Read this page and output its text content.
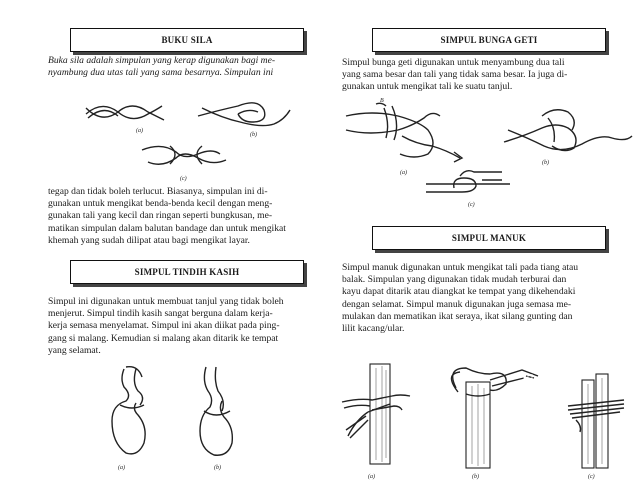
BUKU SILA

Buka sila adalah simpulan yang kerap digunakan bagi me-
nyambung dua utas tali yang sama besarnya. Simpulan ini

(a)
(b)
(c)

tegap dan tidak boleh terlucut. Biasanya, simpulan ini di-
gunakan untuk mengikat benda-benda kecil dengan meng-
gunakan tali yang kecil dan ringan seperti bungkusan, me-
matikan simpulan dalam balutan bandage dan untuk mengikat
khemah yang sudah dilipat atau bagi mengikat layar.

SIMPUL TINDIH KASIH

Simpul ini digunakan untuk membuat tanjul yang tidak boleh
menjerut. Simpul tindih kasih sangat berguna dalam kerja-
kerja semasa menyelamat. Simpul ini akan diikat pada ping-
gang si malang. Kemudian si malang akan ditarik ke tempat
yang selamat.

(a)	(b)
SIMPUL BUNGA GETI

Simpul bunga geti digunakan untuk menyambung dua tali
yang sama besar dan tali yang tidak sama besar. Ia juga di-
gunakan untuk mengikat tali ke suatu tanjul.

B
(a)
(b)
(c)
SIMPUL MANUK

Simpul manuk digunakan untuk mengikat tali pada tiang atau
balak. Simpulan yang digunakan tidak mudah terburai dan
kayu dapat ditarik atau diangkat ke tempat yang dikehendaki
dengan selamat. Simpul manuk digunakan juga semasa me-
mulakan dan mematikan ikat seraya, ikat silang gunting dan
lilit kacang/ular.

(a)	(b)	(c)
